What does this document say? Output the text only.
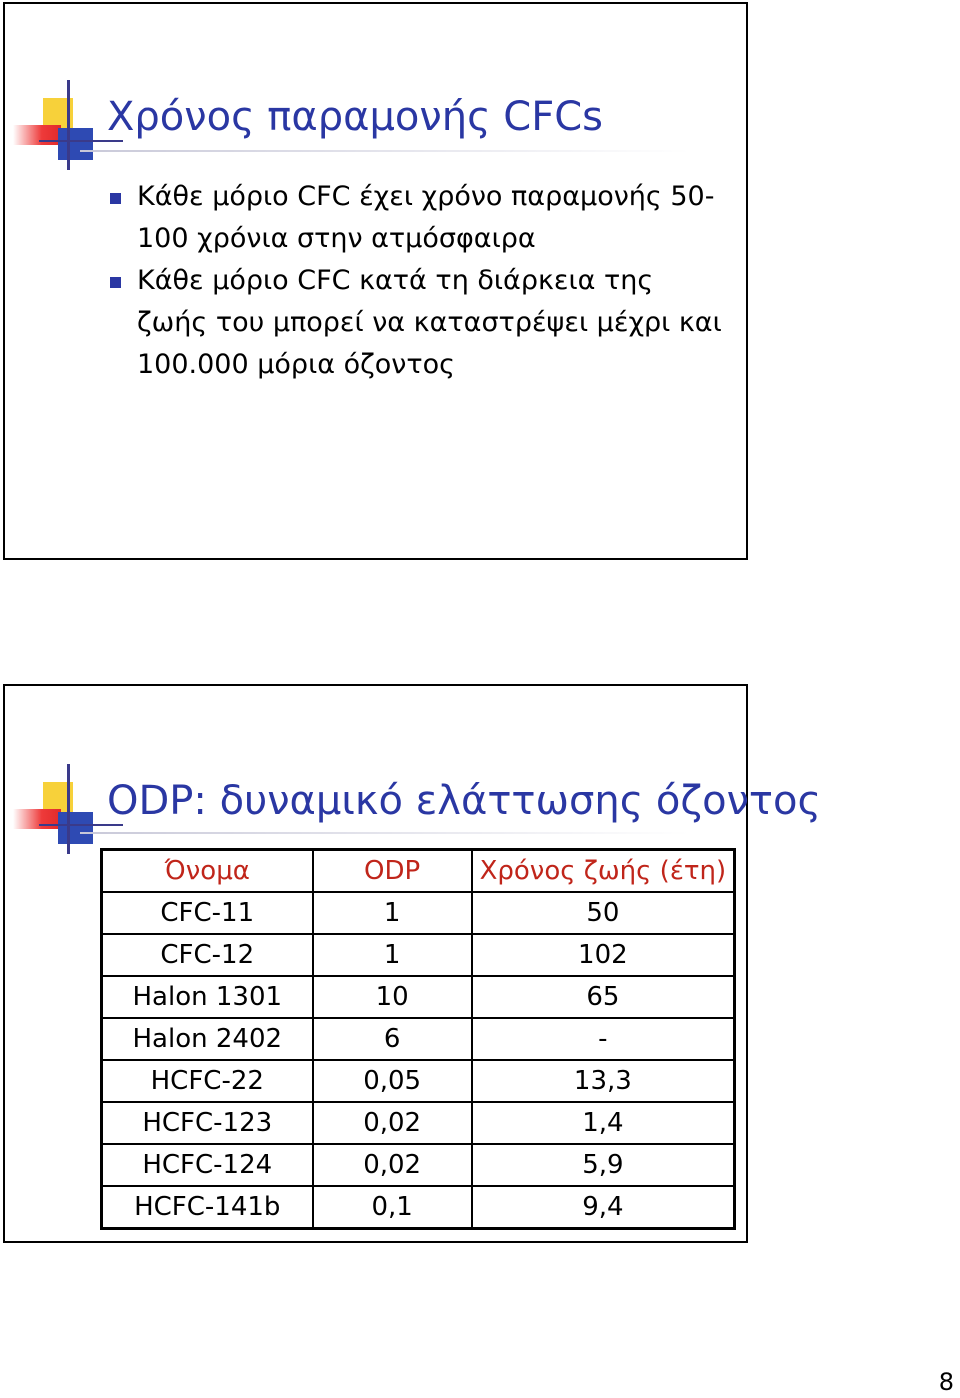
Χρόνος παραμονής CFCs
Κάθε μόριο CFC έχει χρόνο παραμονής 50-100 χρόνια στην ατμόσφαιρα
Κάθε μόριο CFC κατά τη διάρκεια της ζωής του μπορεί να καταστρέψει μέχρι και 100.000 μόρια όζοντος
ODP: δυναμικό ελάττωσης όζοντος
Όνομα	ODP	Χρόνος ζωής (έτη)
CFC-11	1	50
CFC-12	1	102
Halon 1301	10	65
Halon 2402	6	-
HCFC-22	0,05	13,3
HCFC-123	0,02	1,4
HCFC-124	0,02	5,9
HCFC-141b	0,1	9,4
8
